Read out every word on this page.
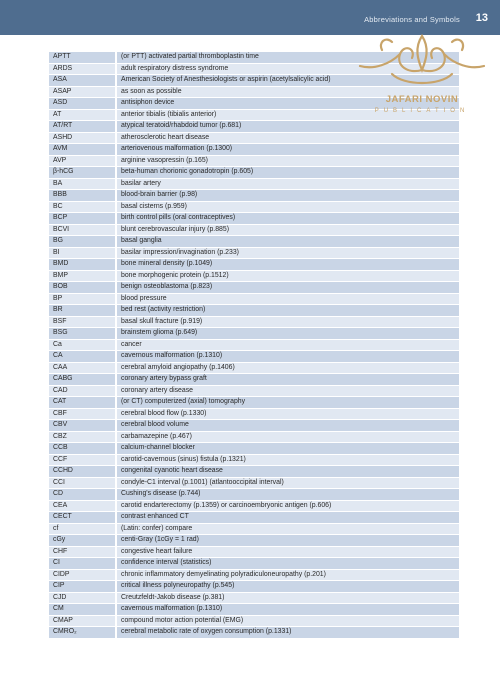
Abbreviations and Symbols 13
APTT	(or PTT) activated partial thromboplastin time
ARDS	adult respiratory distress syndrome
ASA	American Society of Anesthesiologists or aspirin (acetylsalicylic acid)
ASAP	as soon as possible
ASD	antisiphon device
AT	anterior tibialis (tibialis anterior)
AT/RT	atypical teratoid/rhabdoid tumor (p.681)
ASHD	atherosclerotic heart disease
AVM	arteriovenous malformation (p.1300)
AVP	arginine vasopressin (p.165)
β-hCG	beta-human chorionic gonadotropin (p.605)
BA	basilar artery
BBB	blood-brain barrier (p.98)
BC	basal cisterns (p.959)
BCP	birth control pills (oral contraceptives)
BCVI	blunt cerebrovascular injury (p.885)
BG	basal ganglia
BI	basilar impression/invagination (p.233)
BMD	bone mineral density (p.1049)
BMP	bone morphogenic protein (p.1512)
BOB	benign osteoblastoma (p.823)
BP	blood pressure
BR	bed rest (activity restriction)
BSF	basal skull fracture (p.919)
BSG	brainstem glioma (p.649)
Ca	cancer
CA	cavernous malformation (p.1310)
CAA	cerebral amyloid angiopathy (p.1406)
CABG	coronary artery bypass graft
CAD	coronary artery disease
CAT	(or CT) computerized (axial) tomography
CBF	cerebral blood flow (p.1330)
CBV	cerebral blood volume
CBZ	carbamazepine (p.467)
CCB	calcium-channel blocker
CCF	carotid-cavernous (sinus) fistula (p.1321)
CCHD	congenital cyanotic heart disease
CCI	condyle-C1 interval (p.1001) (atlantooccipital interval)
CD	Cushing's disease (p.744)
CEA	carotid endarterectomy (p.1359) or carcinoembryonic antigen (p.606)
CECT	contrast enhanced CT
cf	(Latin: confer) compare
cGy	centi-Gray (1cGy = 1 rad)
CHF	congestive heart failure
CI	confidence interval (statistics)
CIDP	chronic inflammatory demyelinating polyradiculoneuropathy (p.201)
CIP	critical illness polyneuropathy (p.545)
CJD	Creutzfeldt-Jakob disease (p.381)
CM	cavernous malformation (p.1310)
CMAP	compound motor action potential (EMG)
CMRO₂	cerebral metabolic rate of oxygen consumption (p.1331)
JAFARI NOVIN
PUBLICATION
